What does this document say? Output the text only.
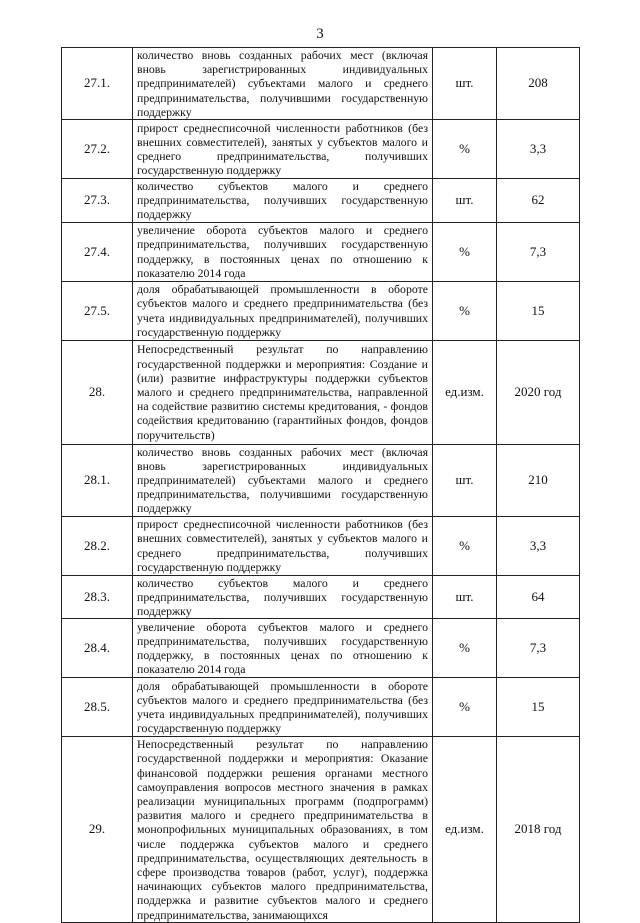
3
27.1.	количество вновь созданных рабочих мест (включая вновь зарегистрированных индивидуальных предпринимателей) субъектами малого и среднего предпринимательства, получившими государственную поддержку	шт.	208
27.2.	прирост среднесписочной численности работников (без внешних совместителей), занятых у субъектов малого и среднего предпринимательства, получивших государственную поддержку	%	3,3
27.3.	количество субъектов малого и среднего предпринимательства, получивших государственную поддержку	шт.	62
27.4.	увеличение оборота субъектов малого и среднего предпринимательства, получивших государственную поддержку, в постоянных ценах по отношению к показателю 2014 года	%	7,3
27.5.	доля обрабатывающей промышленности в обороте субъектов малого и среднего предпринимательства (без учета индивидуальных предпринимателей), получивших государственную поддержку	%	15
28.	Непосредственный результат по направлению государственной поддержки и мероприятия: Создание и (или) развитие инфраструктуры поддержки субъектов малого и среднего предпринимательства, направленной на содействие развитию системы кредитования, - фондов содействия кредитованию (гарантийных фондов, фондов поручительств)	ед.изм.	2020 год
28.1.	количество вновь созданных рабочих мест (включая вновь зарегистрированных индивидуальных предпринимателей) субъектами малого и среднего предпринимательства, получившими государственную поддержку	шт.	210
28.2.	прирост среднесписочной численности работников (без внешних совместителей), занятых у субъектов малого и среднего предпринимательства, получивших государственную поддержку	%	3,3
28.3.	количество субъектов малого и среднего предпринимательства, получивших государственную поддержку	шт.	64
28.4.	увеличение оборота субъектов малого и среднего предпринимательства, получивших государственную поддержку, в постоянных ценах по отношению к показателю 2014 года	%	7,3
28.5.	доля обрабатывающей промышленности в обороте субъектов малого и среднего предпринимательства (без учета индивидуальных предпринимателей), получивших государственную поддержку	%	15
29.	Непосредственный результат по направлению государственной поддержки и мероприятия: Оказание финансовой поддержки решения органами местного самоуправления вопросов местного значения в рамках реализации муниципальных программ (подпрограмм) развития малого и среднего предпринимательства в монопрофильных муниципальных образованиях, в том числе поддержка субъектов малого и среднего предпринимательства, осуществляющих деятельность в сфере производства товаров (работ, услуг), поддержка начинающих субъектов малого предпринимательства, поддержка и развитие субъектов малого и среднего предпринимательства, занимающихся	ед.изм.	2018 год
